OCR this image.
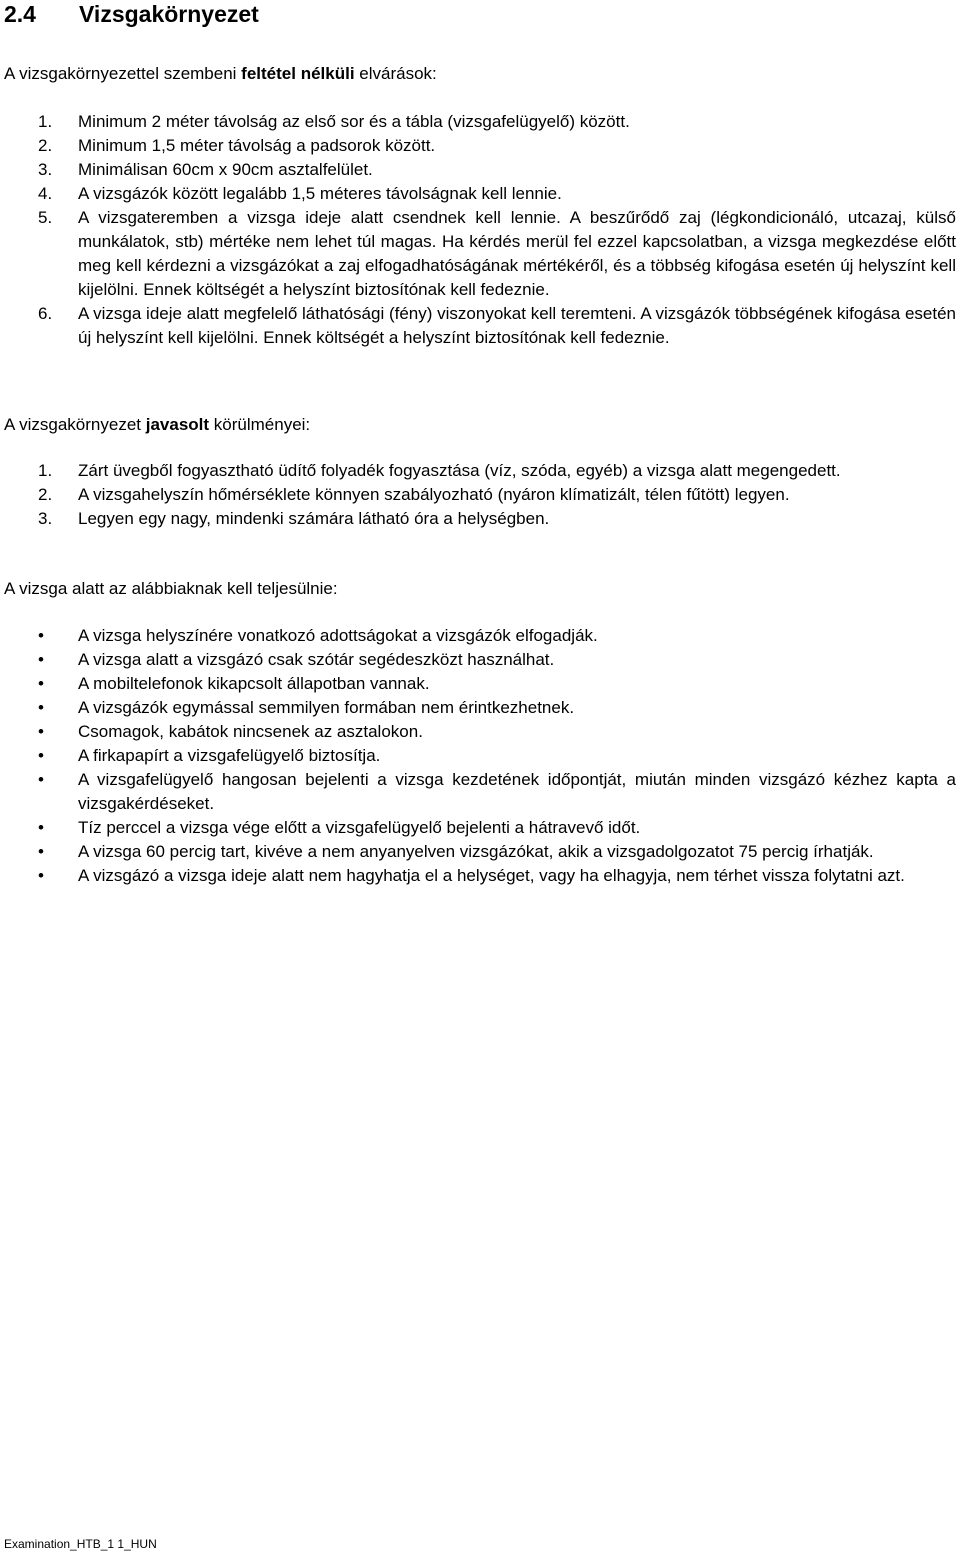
2.4 Vizsgakörnyezet

A vizsgakörnyezettel szembeni feltétel nélküli elvárások:

1. Minimum 2 méter távolság az első sor és a tábla (vizsgafelügyelő) között.
2. Minimum 1,5 méter távolság a padsorok között.
3. Minimálisan 60cm x 90cm asztalfelület.
4. A vizsgázók között legalább 1,5 méteres távolságnak kell lennie.
5. A vizsgateremben a vizsga ideje alatt csendnek kell lennie. A beszűrődő zaj (légkondicionáló, utcazaj, külső munkálatok, stb) mértéke nem lehet túl magas. Ha kérdés merül fel ezzel kapcsolatban, a vizsga megkezdése előtt meg kell kérdezni a vizsgázókat a zaj elfogadhatóságának mértékéről, és a többség kifogása esetén új helyszínt kell kijelölni. Ennek költségét a helyszínt biztosítónak kell fedeznie.
6. A vizsga ideje alatt megfelelő láthatósági (fény) viszonyokat kell teremteni. A vizsgázók többségének kifogása esetén új helyszínt kell kijelölni. Ennek költségét a helyszínt biztosítónak kell fedeznie.

A vizsgakörnyezet javasolt körülményei:

1. Zárt üvegből fogyasztható üdítő folyadék fogyasztása (víz, szóda, egyéb) a vizsga alatt megengedett.
2. A vizsgahelyszín hőmérséklete könnyen szabályozható (nyáron klímatizált, télen fűtött) legyen.
3. Legyen egy nagy, mindenki számára látható óra a helységben.

A vizsga alatt az alábbiaknak kell teljesülnie:

• A vizsga helyszínére vonatkozó adottságokat a vizsgázók elfogadják.
• A vizsga alatt a vizsgázó csak szótár segédeszközt használhat.
• A mobiltelefonok kikapcsolt állapotban vannak.
• A vizsgázók egymással semmilyen formában nem érintkezhetnek.
• Csomagok, kabátok nincsenek az asztalokon.
• A firkapapírt a vizsgafelügyelő biztosítja.
• A vizsgafelügyelő hangosan bejelenti a vizsga kezdetének időpontját, miután minden vizsgázó kézhez kapta a vizsgakérdéseket.
• Tíz perccel a vizsga vége előtt a vizsgafelügyelő bejelenti a hátravevő időt.
• A vizsga 60 percig tart, kivéve a nem anyanyelven vizsgázókat, akik a vizsgadolgozatot 75 percig írhatják.
• A vizsgázó a vizsga ideje alatt nem hagyhatja el a helységet, vagy ha elhagyja, nem térhet vissza folytatni azt.

Examination_HTB_1 1_HUN
